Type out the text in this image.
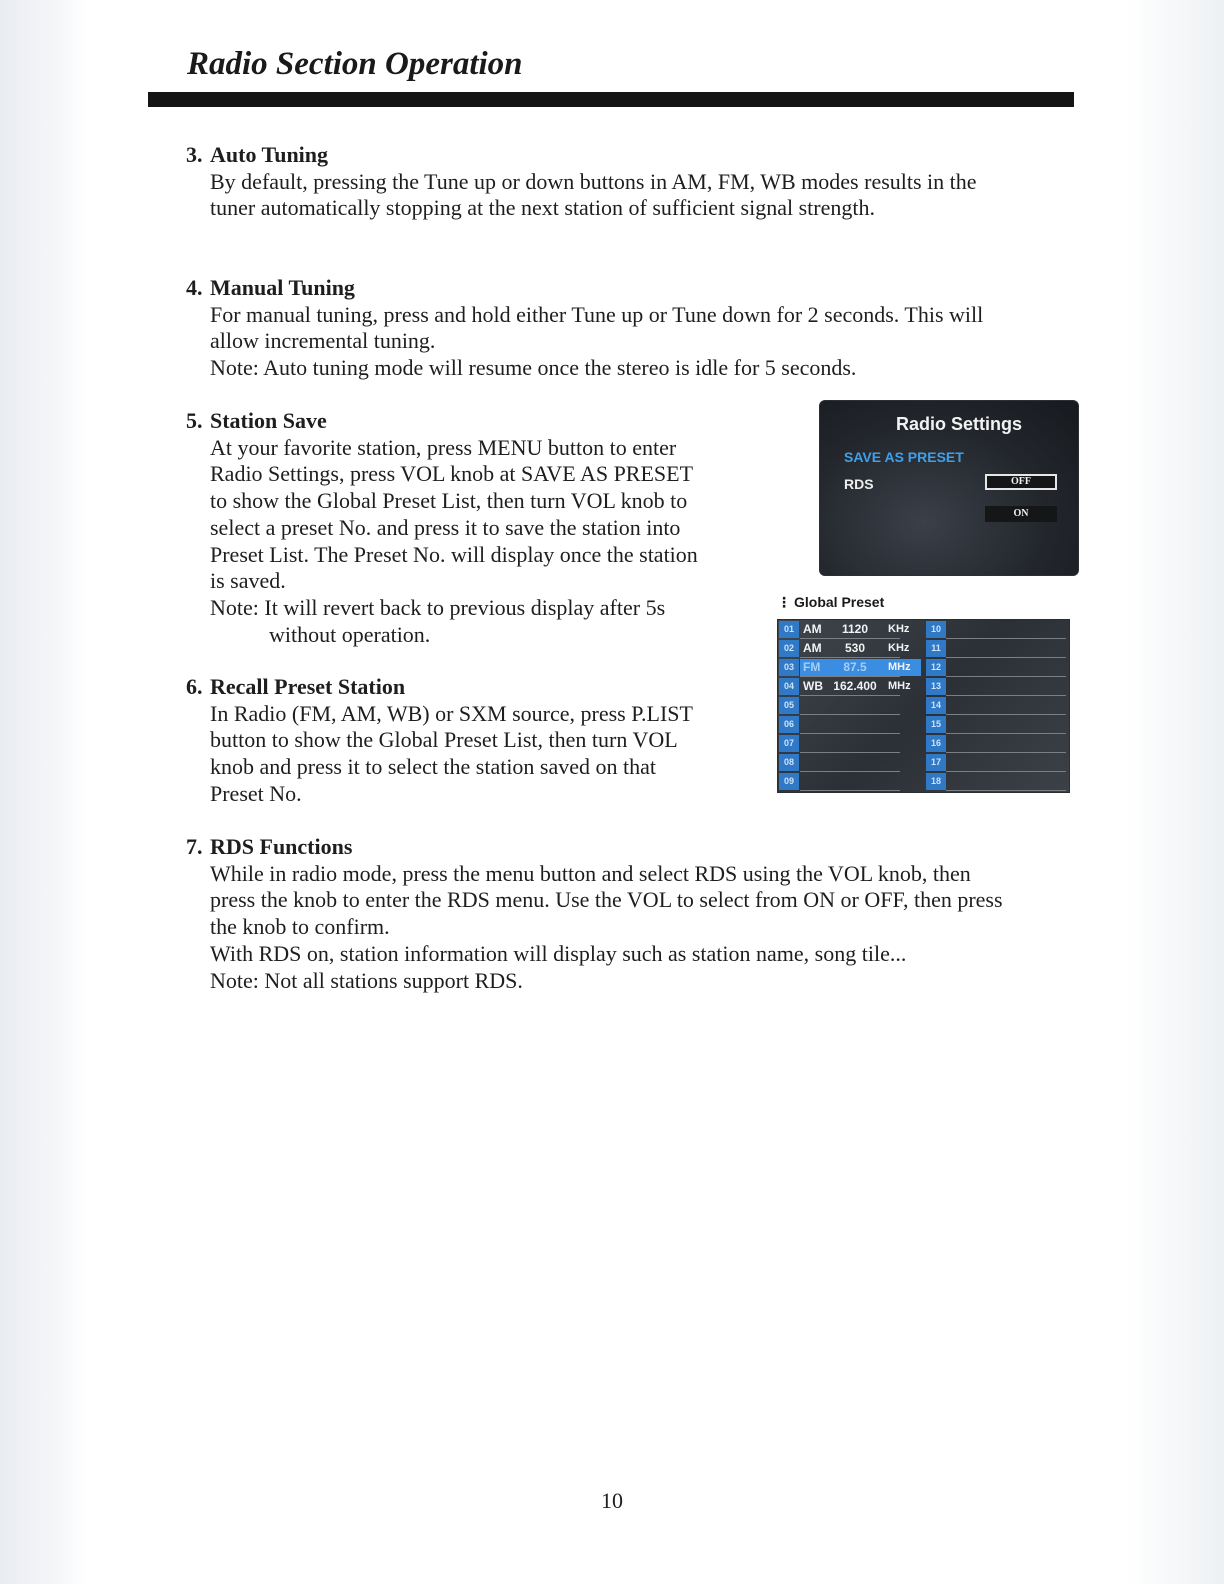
Radio Section Operation
3. Auto Tuning

By default, pressing the Tune up or down buttons in AM, FM, WB modes results in the

tuner automatically stopping at the next station of sufficient signal strength.

4. Manual Tuning

For manual tuning, press and hold either Tune up or Tune down for 2 seconds. This will

allow incremental tuning.

Note: Auto tuning mode will resume once the stereo is idle for 5 seconds.

5. Station Save

At your favorite station, press MENU button to enter

Radio Settings, press VOL knob at SAVE AS PRESET

to show the Global Preset List, then turn VOL knob to

select a preset No. and press it to save the station into

Preset List. The Preset No. will display once the station

is saved.

Note: It will revert back to previous display after 5s

without operation.

6. Recall Preset Station

In Radio (FM, AM, WB) or SXM source, press P.LIST

button to show the Global Preset List, then turn VOL

knob and press it to select the station saved on that

Preset No.

7. RDS Functions

While in radio mode, press the menu button and select RDS using the VOL knob, then

press the knob to enter the RDS menu. Use the VOL to select from ON or OFF, then press

the knob to confirm.

With RDS on, station information will display such as station name, song tile...

Note: Not all stations support RDS.

Radio Settings
SAVE AS PRESET
RDS	OFF
ON
⋮ Global Preset
01 AM	1120	KHz
02 AM	530	KHz
03 FM	87.5	MHz
04 WB 162.400 MHz
05
06
07
08
09
10
11
12
13
14
15
16
17
18
10
